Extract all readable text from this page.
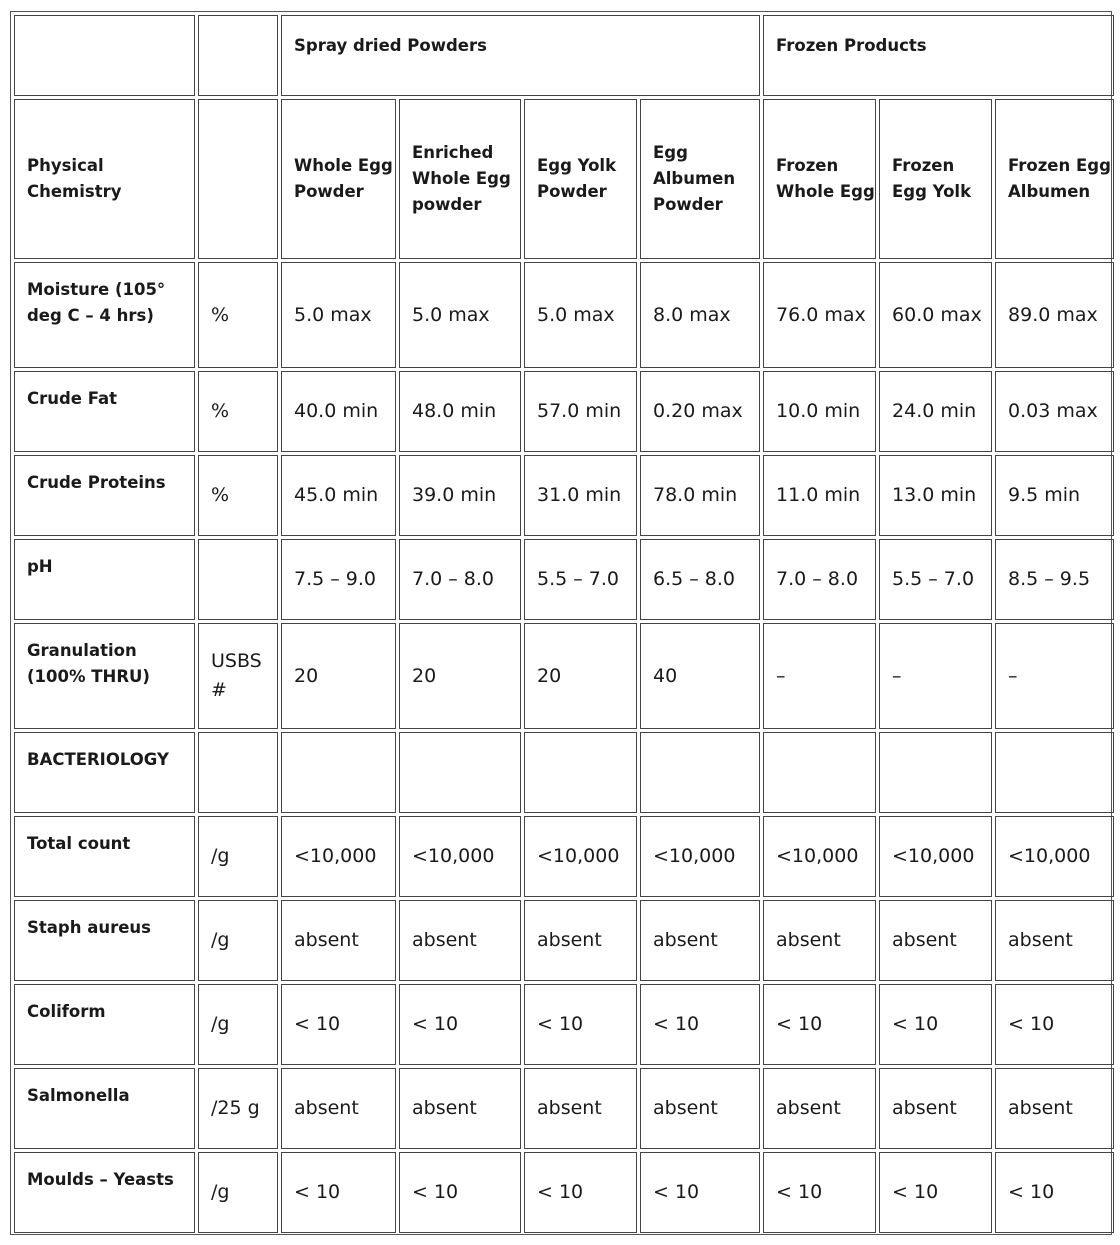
		Spray dried Powders				Frozen Products		
Physical Chemistry		Whole Egg Powder	Enriched Whole Egg powder	Egg Yolk Powder	Egg Albumen Powder	Frozen Whole Egg	Frozen Egg Yolk	Frozen Egg Albumen
Moisture (105° deg C – 4 hrs)	%	5.0 max	5.0 max	5.0 max	8.0 max	76.0 max	60.0 max	89.0 max
Crude Fat	%	40.0 min	48.0 min	57.0 min	0.20 max	10.0 min	24.0 min	0.03 max
Crude Proteins	%	45.0 min	39.0 min	31.0 min	78.0 min	11.0 min	13.0 min	9.5 min
pH		7.5 – 9.0	7.0 – 8.0	5.5 – 7.0	6.5 – 8.0	7.0 – 8.0	5.5 – 7.0	8.5 – 9.5
Granulation (100% THRU)	USBS #	20	20	20	40	–	–	–
BACTERIOLOGY								
Total count	/g	<10,000	<10,000	<10,000	<10,000	<10,000	<10,000	<10,000
Staph aureus	/g	absent	absent	absent	absent	absent	absent	absent
Coliform	/g	< 10	< 10	< 10	< 10	< 10	< 10	< 10
Salmonella	/25 g	absent	absent	absent	absent	absent	absent	absent
Moulds – Yeasts	/g	< 10	< 10	< 10	< 10	< 10	< 10	< 10
